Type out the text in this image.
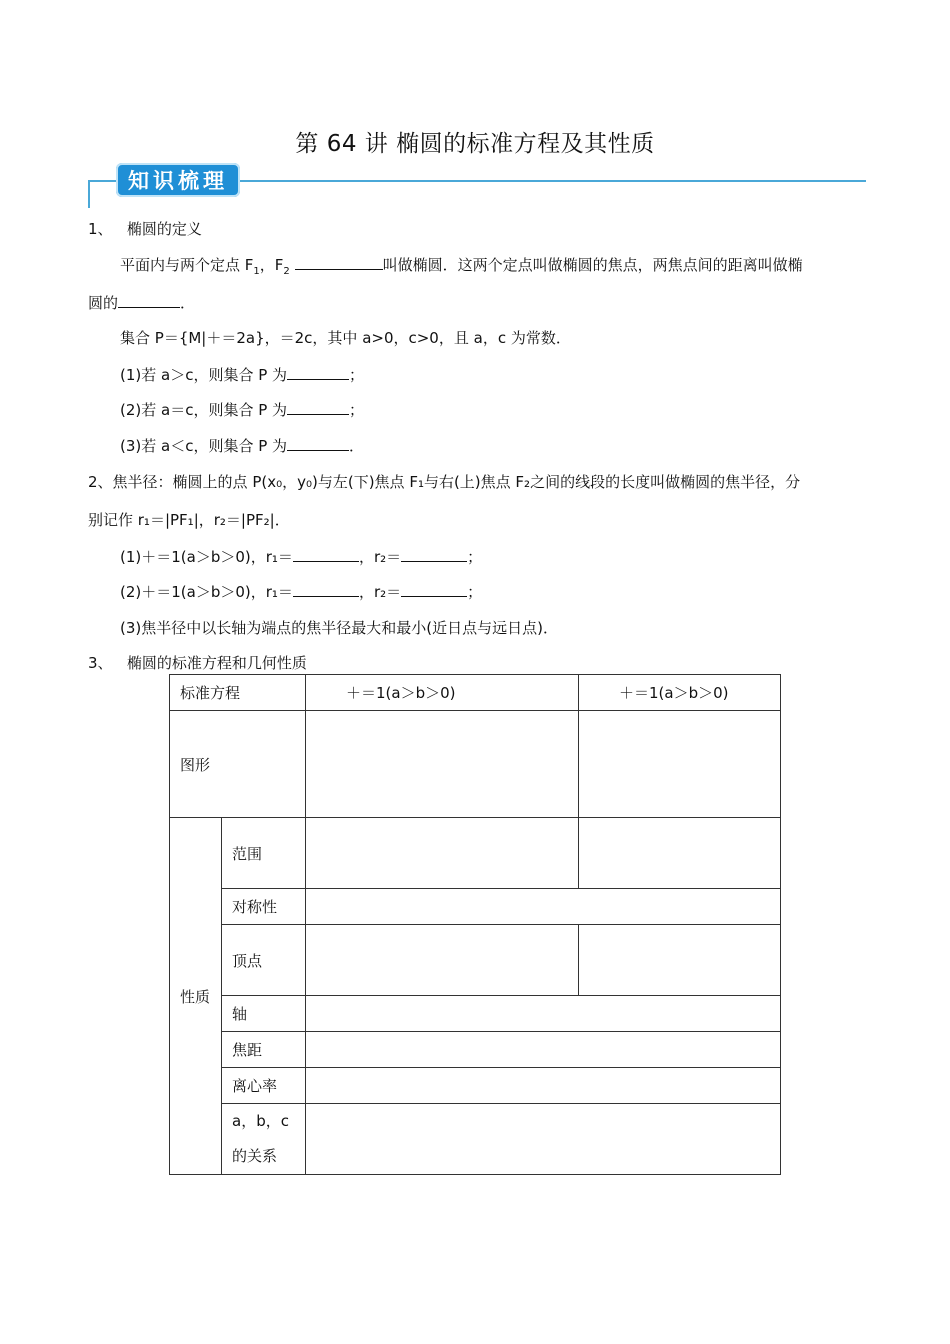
第 64 讲 椭圆的标准方程及其性质
知识梳理
1、 椭圆的定义
平面内与两个定点 $F_1$，$F_2$	叫做椭圆．这两个定点叫做椭圆的焦点，两焦点间的距离叫做椭
圆的	．
集合 P＝{M|＋＝2a}，＝2c，其中 a>0，c>0，且 a，c 为常数．
(1)若 a＞c，则集合 P 为	；
(2)若 a＝c，则集合 P 为	；
(3)若 a＜c，则集合 P 为	．
2、焦半径：椭圆上的点 P(x₀，y₀)与左(下)焦点 F₁与右(上)焦点 F₂之间的线段的长度叫做椭圆的焦半径，分
别记作 r₁＝|PF₁|，r₂＝|PF₂|．
(1)＋＝1(a＞b＞0)，r₁＝	，r₂＝	；
(2)＋＝1(a＞b＞0)，r₁＝	，r₂＝	；
(3)焦半径中以长轴为端点的焦半径最大和最小(近日点与远日点)．
3、 椭圆的标准方程和几何性质
标准方程		＋＝1(a＞b＞0)	＋＝1(a＞b＞0)
图形			
性质	范围		
	对称性		
	顶点		
	轴		
	焦距		
	离心率		

	a，b，c
的关系		
